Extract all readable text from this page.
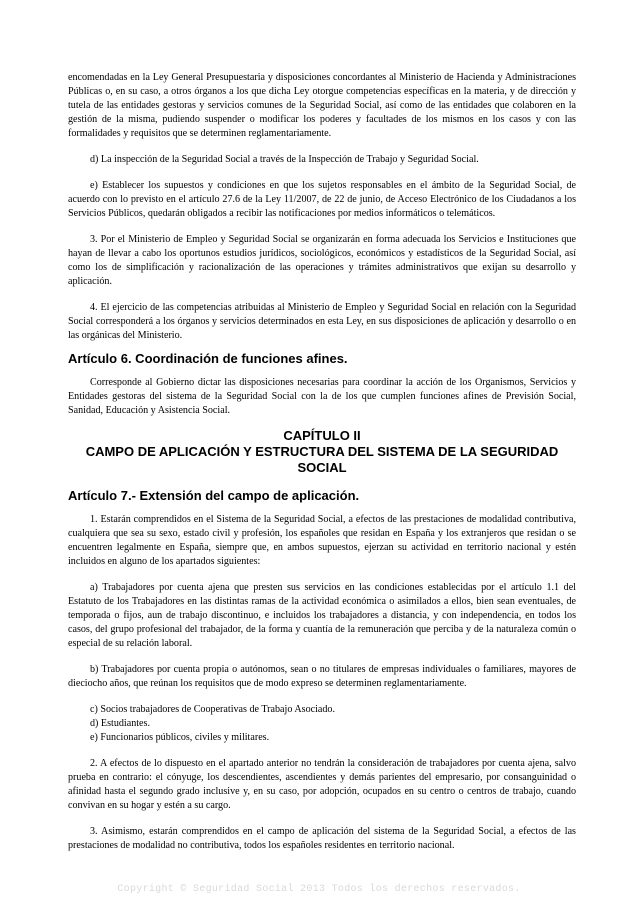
encomendadas en la Ley General Presupuestaria y disposiciones concordantes al Ministerio de Hacienda y Administraciones Públicas o, en su caso, a otros órganos a los que dicha Ley otorgue competencias específicas en la materia, y de dirección y tutela de las entidades gestoras y servicios comunes de la Seguridad Social, así como de las entidades que colaboren en la gestión de la misma, pudiendo suspender o modificar los poderes y facultades de los mismos en los casos y con las formalidades y requisitos que se determinen reglamentariamente.

d) La inspección de la Seguridad Social a través de la Inspección de Trabajo y Seguridad Social.

e) Establecer los supuestos y condiciones en que los sujetos responsables en el ámbito de la Seguridad Social, de acuerdo con lo previsto en el artículo 27.6 de la Ley 11/2007, de 22 de junio, de Acceso Electrónico de los Ciudadanos a los Servicios Públicos, quedarán obligados a recibir las notificaciones por medios informáticos o telemáticos.

3. Por el Ministerio de Empleo y Seguridad Social se organizarán en forma adecuada los Servicios e Instituciones que hayan de llevar a cabo los oportunos estudios jurídicos, sociológicos, económicos y estadísticos de la Seguridad Social, así como los de simplificación y racionalización de las operaciones y trámites administrativos que exijan su desarrollo y aplicación.

4. El ejercicio de las competencias atribuidas al Ministerio de Empleo y Seguridad Social en relación con la Seguridad Social corresponderá a los órganos y servicios determinados en esta Ley, en sus disposiciones de aplicación y desarrollo o en las orgánicas del Ministerio.

Artículo 6. Coordinación de funciones afines.

Corresponde al Gobierno dictar las disposiciones necesarias para coordinar la acción de los Organismos, Servicios y Entidades gestoras del sistema de la Seguridad Social con la de los que cumplen funciones afines de Previsión Social, Sanidad, Educación y Asistencia Social.

CAPÍTULO II
CAMPO DE APLICACIÓN Y ESTRUCTURA DEL SISTEMA DE LA SEGURIDAD SOCIAL
Artículo 7.- Extensión del campo de aplicación.

1. Estarán comprendidos en el Sistema de la Seguridad Social, a efectos de las prestaciones de modalidad contributiva, cualquiera que sea su sexo, estado civil y profesión, los españoles que residan en España y los extranjeros que residan o se encuentren legalmente en España, siempre que, en ambos supuestos, ejerzan su actividad en territorio nacional y estén incluidos en alguno de los apartados siguientes:

a) Trabajadores por cuenta ajena que presten sus servicios en las condiciones establecidas por el artículo 1.1 del Estatuto de los Trabajadores en las distintas ramas de la actividad económica o asimilados a ellos, bien sean eventuales, de temporada o fijos, aun de trabajo discontinuo, e incluidos los trabajadores a distancia, y con independencia, en todos los casos, del grupo profesional del trabajador, de la forma y cuantía de la remuneración que perciba y de la naturaleza común o especial de su relación laboral.

b) Trabajadores por cuenta propia o autónomos, sean o no titulares de empresas individuales o familiares, mayores de dieciocho años, que reúnan los requisitos que de modo expreso se determinen reglamentariamente.

c) Socios trabajadores de Cooperativas de Trabajo Asociado.

d) Estudiantes.

e) Funcionarios públicos, civiles y militares.

2. A efectos de lo dispuesto en el apartado anterior no tendrán la consideración de trabajadores por cuenta ajena, salvo prueba en contrario: el cónyuge, los descendientes, ascendientes y demás parientes del empresario, por consanguinidad o afinidad hasta el segundo grado inclusive y, en su caso, por adopción, ocupados en su centro o centros de trabajo, cuando convivan en su hogar y estén a su cargo.

3. Asimismo, estarán comprendidos en el campo de aplicación del sistema de la Seguridad Social, a efectos de las prestaciones de modalidad no contributiva, todos los españoles residentes en territorio nacional.

Copyright © Seguridad Social 2013 Todos los derechos reservados.
